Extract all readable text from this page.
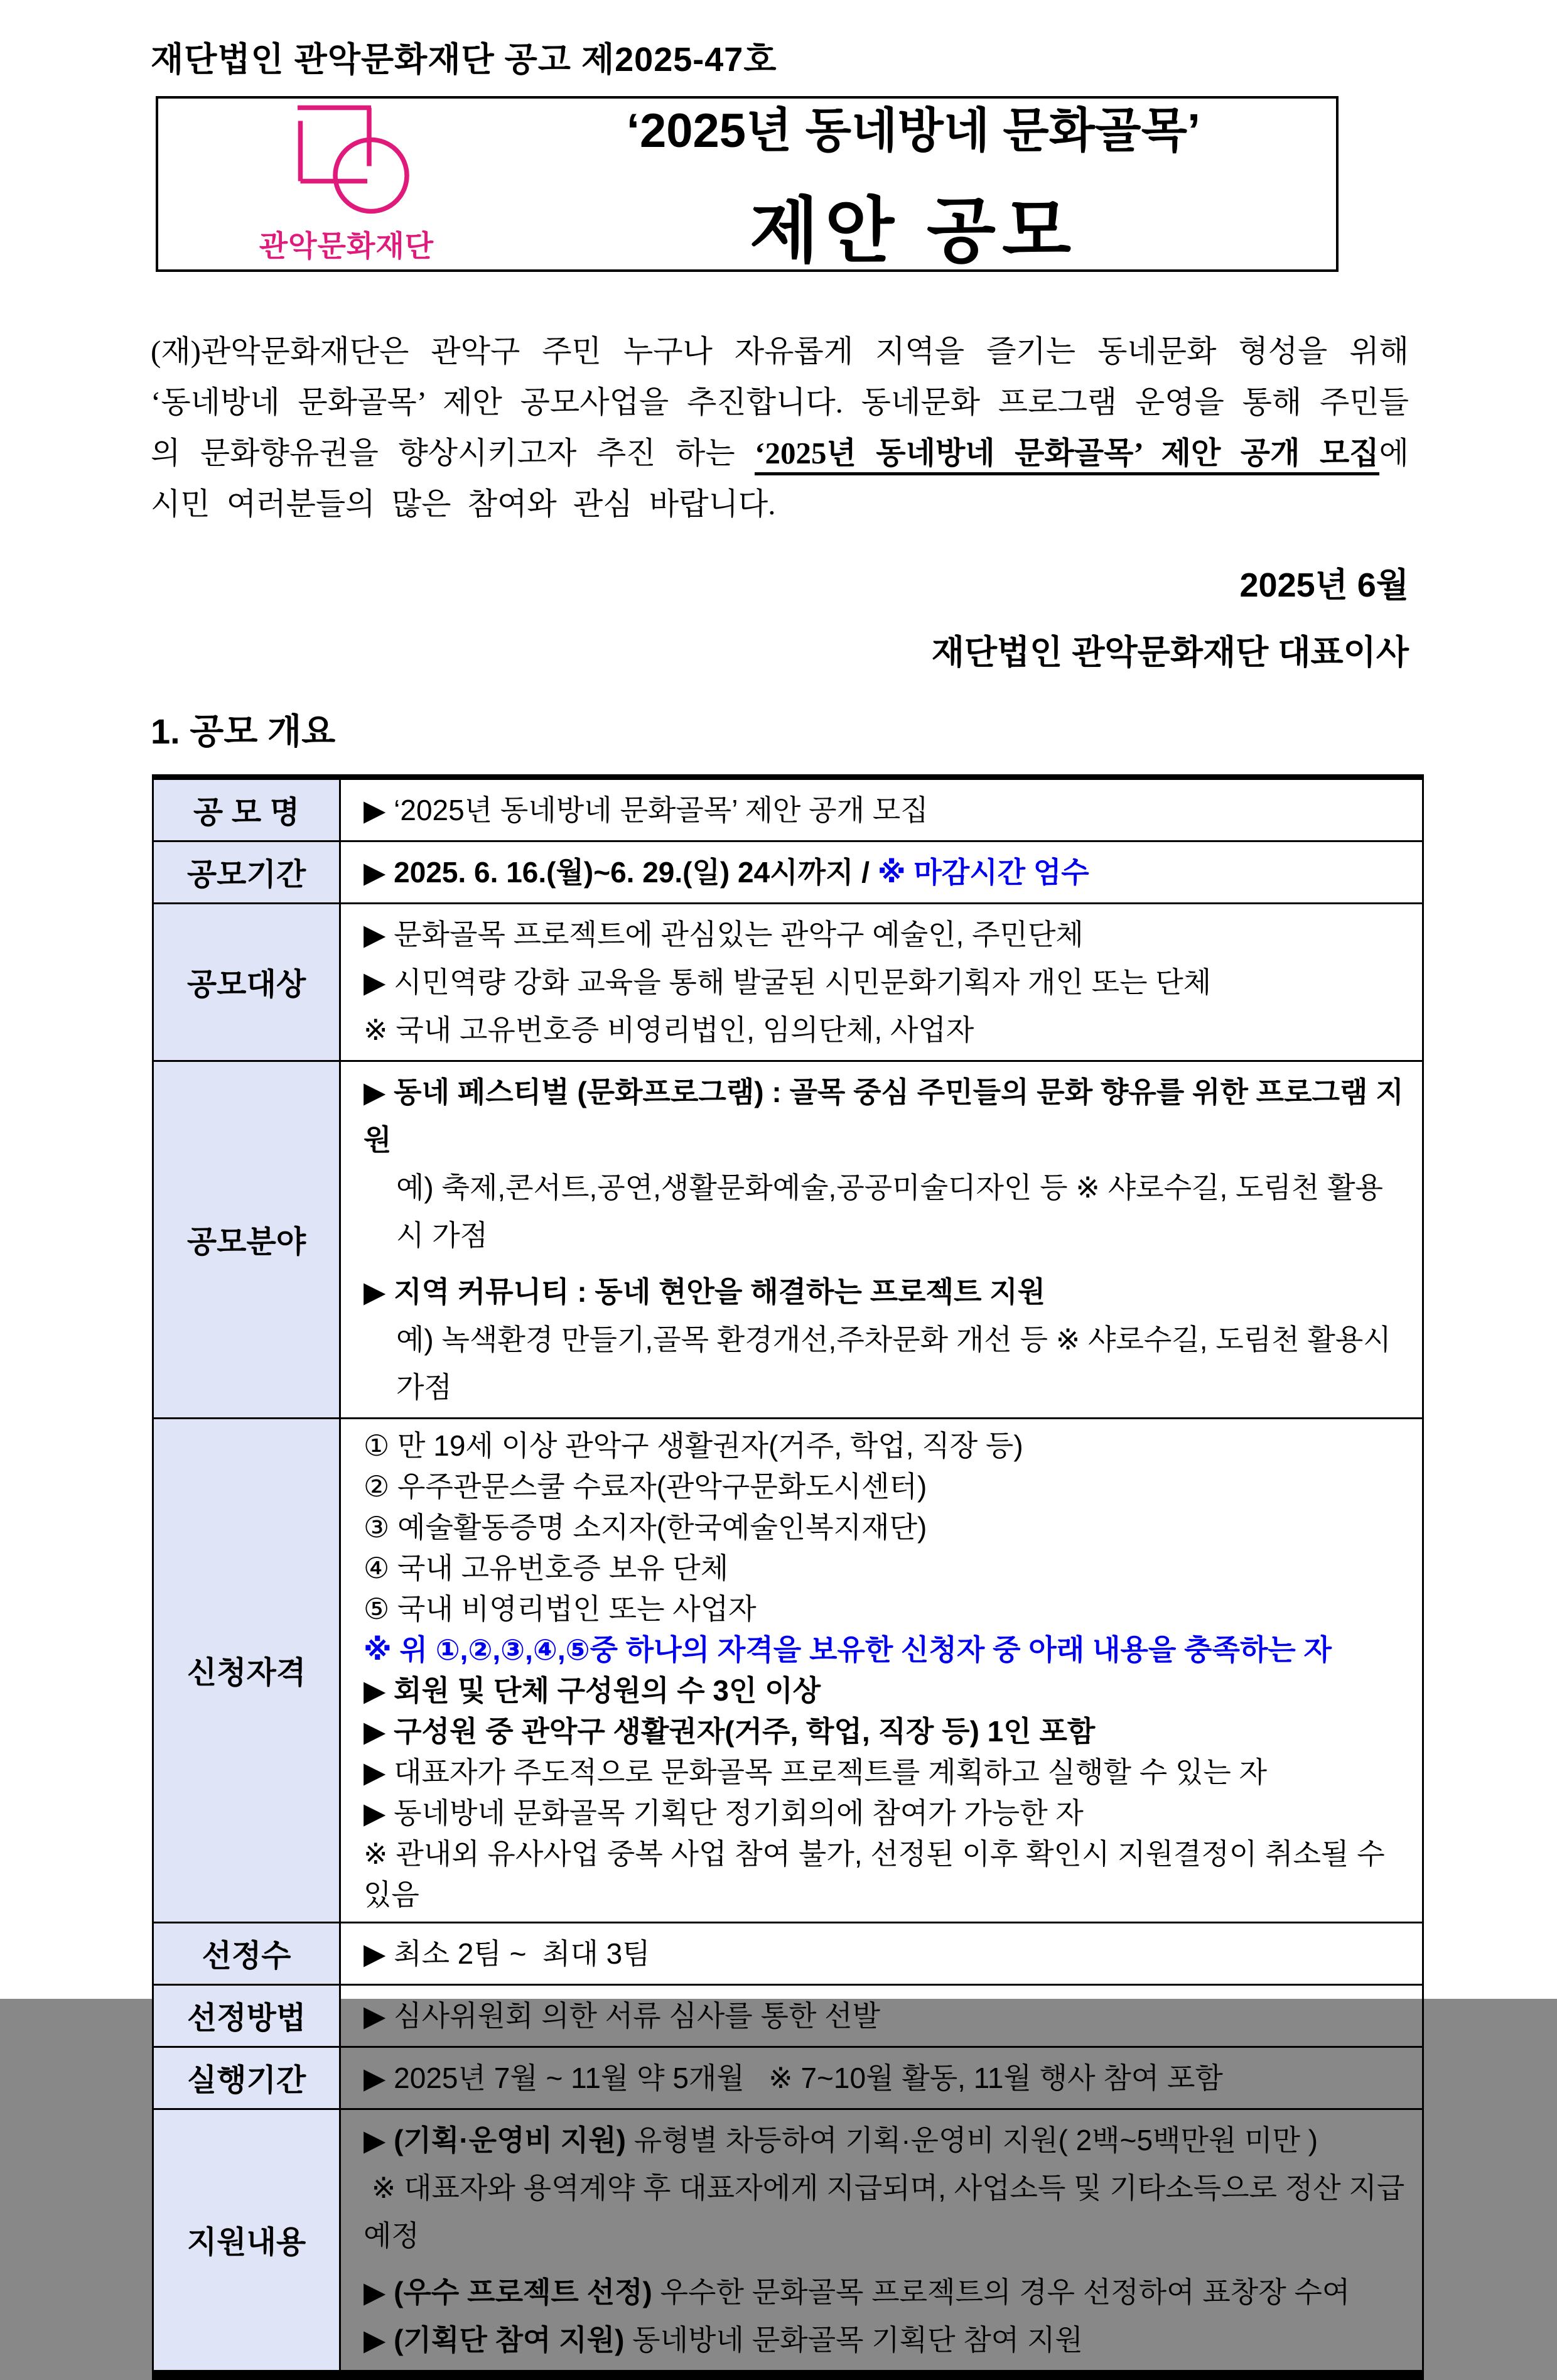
재단법인 관악문화재단 공고 제2025-47호
관악문화재단
‘2025년 동네방네 문화골목’
제안 공모

(재)관악문화재단은 관악구 주민 누구나 자유롭게 지역을 즐기는 동네문화 형성을 위해 ‘동네방네 문화골목’ 제안 공모사업을 추진합니다. 동네문화 프로그램 운영을 통해 주민들의 문화향유권을 향상시키고자 추진 하는 ‘2025년 동네방네 문화골목’ 제안 공개 모집에 시민 여러분들의 많은 참여와 관심 바랍니다.

2025년 6월
재단법인 관악문화재단 대표이사
1. 공모 개요
공 모 명	▶ ‘2025년 동네방네 문화골목’ 제안 공개 모집

공모기간	▶ 2025. 6. 16.(월)~6. 29.(일) 24시까지 / ※ 마감시간 엄수

공모대상	▶ 문화골목 프로젝트에 관심있는 관악구 예술인, 주민단체
▶ 시민역량 강화 교육을 통해 발굴된 시민문화기획자 개인 또는 단체
※ 국내 고유번호증 비영리법인, 임의단체, 사업자

공모분야	▶ 동네 페스티벌 (문화프로그램) : 골목 중심 주민들의 문화 향유를 위한 프로그램 지원
예) 축제,콘서트,공연,생활문화예술,공공미술디자인 등 ※ 샤로수길, 도림천 활용시 가점
▶ 지역 커뮤니티 : 동네 현안을 해결하는 프로젝트 지원
예) 녹색환경 만들기,골목 환경개선,주차문화 개선 등 ※ 샤로수길, 도림천 활용시 가점

신청자격	
① 만 19세 이상 관악구 생활권자(거주, 학업, 직장 등)
② 우주관문스쿨 수료자(관악구문화도시센터)
③ 예술활동증명 소지자(한국예술인복지재단)
④ 국내 고유번호증 보유 단체
⑤ 국내 비영리법인 또는 사업자
※ 위 ①,②,③,④,⑤중 하나의 자격을 보유한 신청자 중 아래 내용을 충족하는 자
▶ 회원 및 단체 구성원의 수 3인 이상
▶ 구성원 중 관악구 생활권자(거주, 학업, 직장 등) 1인 포함
▶ 대표자가 주도적으로 문화골목 프로젝트를 계획하고 실행할 수 있는 자
▶ 동네방네 문화골목 기획단 정기회의에 참여가 가능한 자
※ 관내외 유사사업 중복 사업 참여 불가, 선정된 이후 확인시 지원결정이 취소될 수 있음

선정수	▶ 최소 2팀 ~  최대 3팀

선정방법	▶ 심사위원회 의한 서류 심사를 통한 선발

실행기간	▶ 2025년 7월 ~ 11월 약 5개월   ※ 7~10월 활동, 11월 행사 참여 포함

지원내용	▶ (기획·운영비 지원) 유형별 차등하여 기획·운영비 지원( 2백~5백만원 미만 )
※ 대표자와 용역계약 후 대표자에게 지급되며, 사업소득 및 기타소득으로 정산 지급 예정
▶ (우수 프로젝트 선정) 우수한 문화골목 프로젝트의 경우 선정하여 표창장 수여
▶ (기획단 참여 지원) 동네방네 문화골목 기획단 참여 지원
